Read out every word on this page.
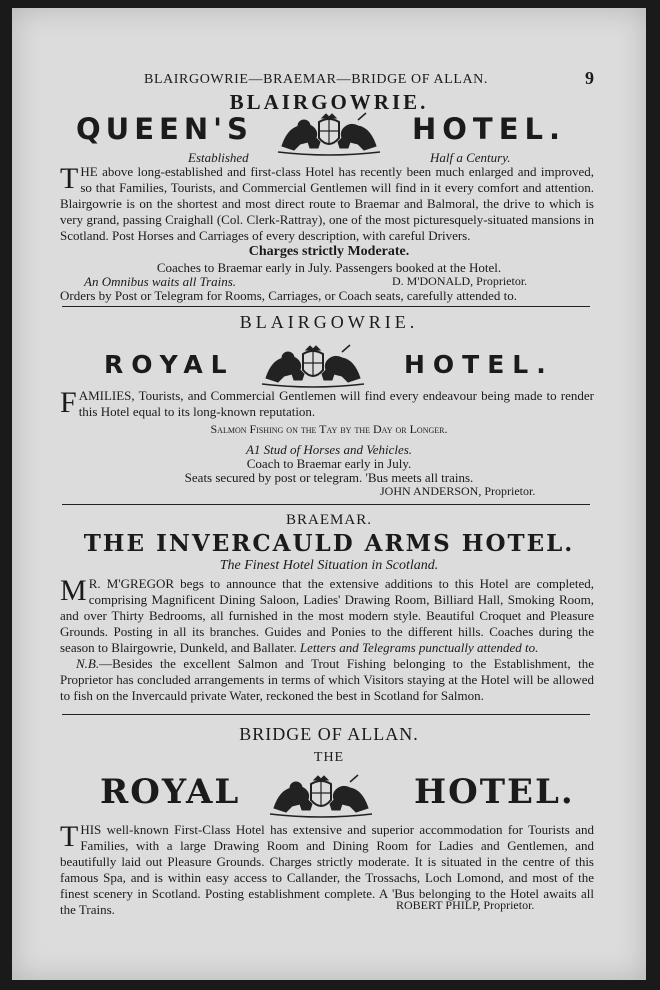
BLAIRGOWRIE—BRAEMAR—BRIDGE OF ALLAN.	9
BLAIRGOWRIE.
QUEEN'S	HOTEL.
Established	Half a Century.

THE above long-established and first-class Hotel has recently been much enlarged and improved, so that Families, Tourists, and Commercial Gentlemen will find in it every comfort and attention. Blairgowrie is on the shortest and most direct route to Braemar and Balmoral, the drive to which is very grand, passing Craighall (Col. Clerk-Rattray), one of the most picturesquely-situated mansions in Scotland. Post Horses and Carriages of every description, with careful Drivers.

Charges strictly Moderate.
Coaches to Braemar early in July. Passengers booked at the Hotel.
An Omnibus waits all Trains.	D. M'DONALD, Proprietor.
Orders by Post or Telegram for Rooms, Carriages, or Coach seats, carefully attended to.
BLAIRGOWRIE.
ROYAL	HOTEL.

FAMILIES, Tourists, and Commercial Gentlemen will find every endeavour being made to render this Hotel equal to its long-known reputation.

Salmon Fishing on the Tay by the Day or Longer.
A1 Stud of Horses and Vehicles.
Coach to Braemar early in July.
Seats secured by post or telegram. 'Bus meets all trains.
JOHN ANDERSON, Proprietor.
BRAEMAR.
THE INVERCAULD ARMS HOTEL.
The Finest Hotel Situation in Scotland.

M R. M'GREGOR begs to announce that the extensive additions to this Hotel are completed, comprising Magnificent Dining Saloon, Ladies' Drawing Room, Billiard Hall, Smoking Room, and over Thirty Bedrooms, all furnished in the most modern style. Beautiful Croquet and Pleasure Grounds. Posting in all its branches. Guides and Ponies to the different hills. Coaches during the season to Blairgowrie, Dunkeld, and Ballater. Letters and Telegrams punctually attended to.

N.B.—Besides the excellent Salmon and Trout Fishing belonging to the Establishment, the Proprietor has concluded arrangements in terms of which Visitors staying at the Hotel will be allowed to fish on the Invercauld private Water, reckoned the best in Scotland for Salmon.

BRIDGE OF ALLAN.
THE
ROYAL	HOTEL.

THIS well-known First-Class Hotel has extensive and superior accommodation for Tourists and Families, with a large Drawing Room and Dining Room for Ladies and Gentlemen, and beautifully laid out Pleasure Grounds. Charges strictly moderate. It is situated in the centre of this famous Spa, and is within easy access to Callander, the Trossachs, Loch Lomond, and most of the finest scenery in Scotland. Posting establishment complete. A 'Bus belonging to the Hotel awaits all the Trains.	ROBERT PHILP, Proprietor.
